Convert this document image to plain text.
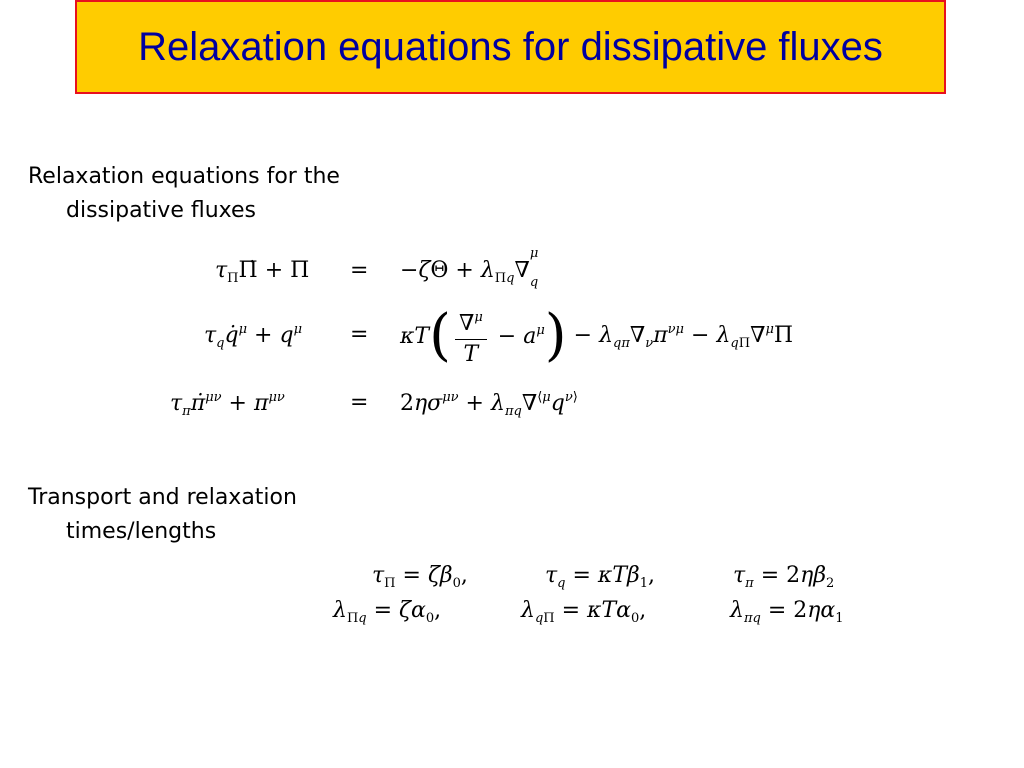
Relaxation equations for dissipative fluxes
Relaxation equations for the
dissipative fluxes
$\tau_\Pi\Pi̇ + \Pi = -\zeta\Theta + \lambda_{\Pi q}\nabla$
μ
$_q$
$\tau_qq̇^\mu + q^\mu = \kappa T$ ( $\frac{\nabla^\mu}{T} - a^\mu$ ) − $\lambda_{q\pi}\nabla_\nu\pi^{\nu\mu} - \lambda_{q\Pi}\nabla^\mu\Pi$
$\tau_\pi\pi̇^{\mu\nu} + \pi^{\mu\nu}$	= $2\eta\sigma^{\mu\nu} + \lambda_{\pi q}\nabla^{⟨\mu}q^{\nu⟩}$
Transport and relaxation
times/lengths
$\tau_\Pi = \zeta\beta_0$,	$\tau_q = \kappa T\beta_1$,	$\tau_\pi = 2\eta\beta_2$
$\lambda_{\Pi q} = \zeta\alpha_0$,	$\lambda_{q\Pi} = \kappa T\alpha_0$,	$\lambda_{\pi q} = 2\eta\alpha_1$
